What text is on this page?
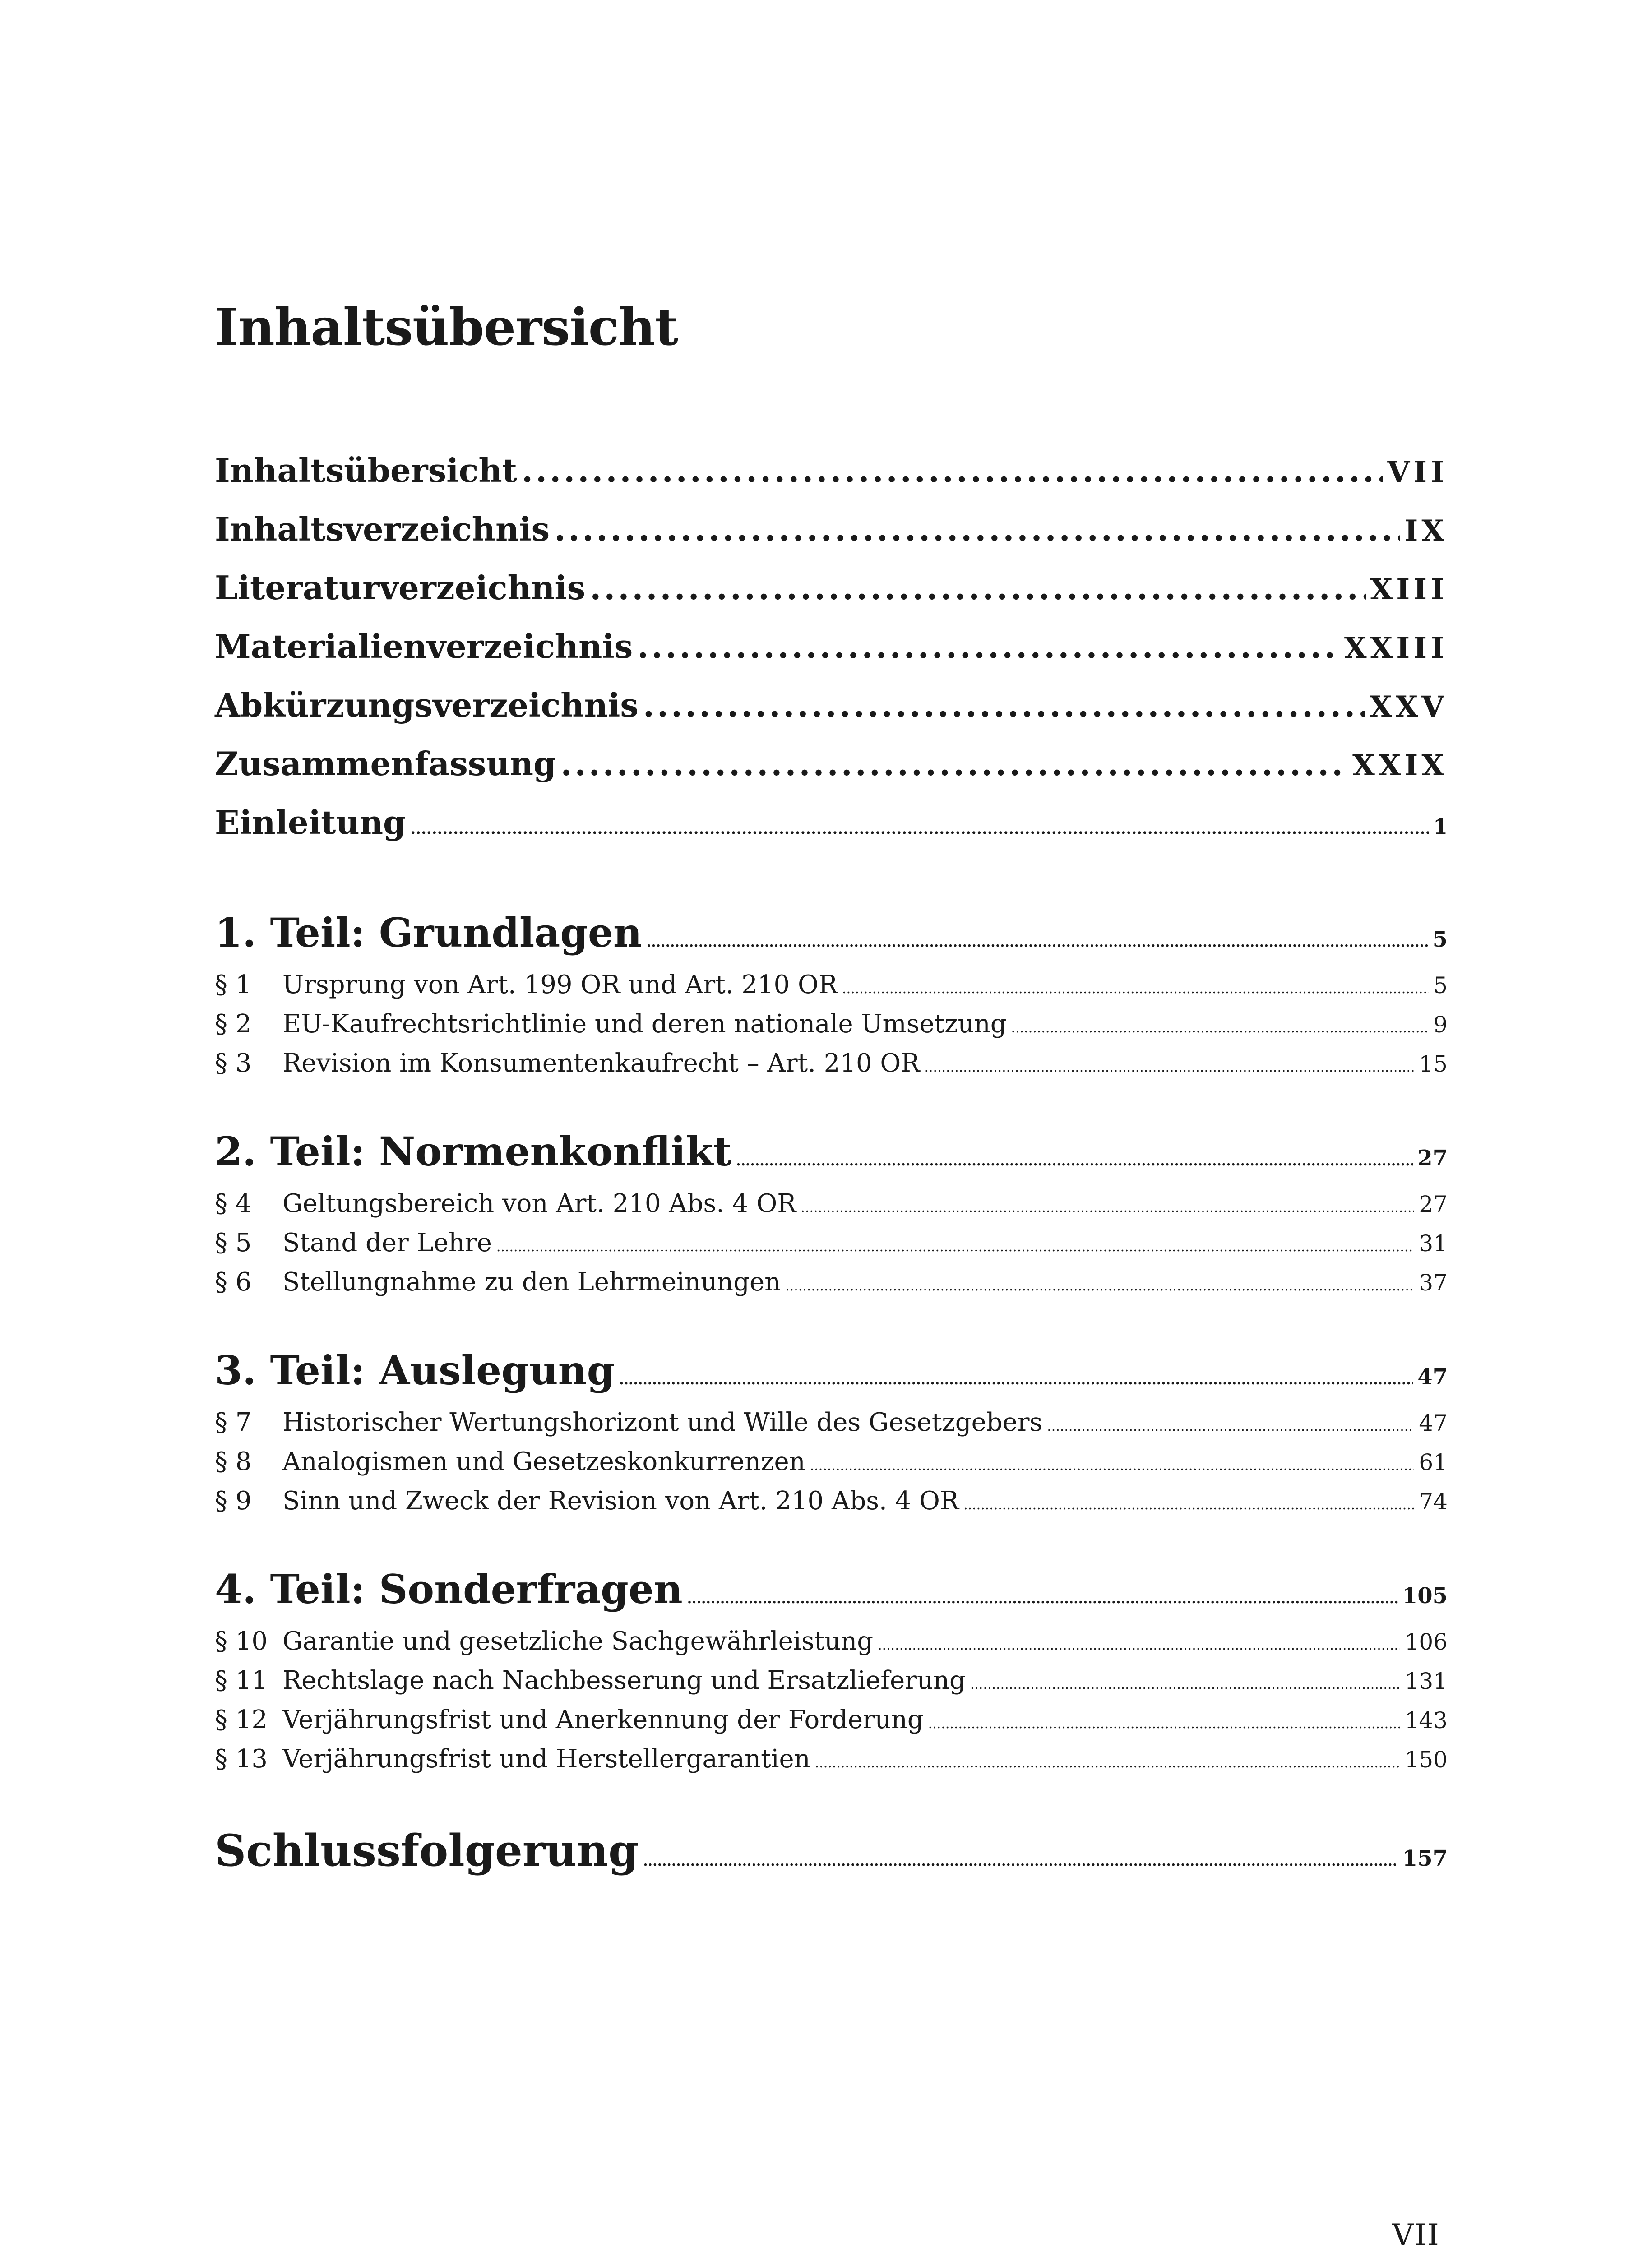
Inhaltsübersicht
Inhaltsübersicht .....	VII
Inhaltsverzeichnis .....	IX
Literaturverzeichnis .....	XIII
Materialienverzeichnis .....	XXIII
Abkürzungsverzeichnis .....	XXV
Zusammenfassung .....	XXIX
Einleitung .....	1
1. Teil: Grundlagen .....	5
§ 1	Ursprung von Art. 199 OR und Art. 210 OR .....	5
§ 2	EU-Kaufrechtsrichtlinie und deren nationale Umsetzung .....	9
§ 3	Revision im Konsumentenkaufrecht – Art. 210 OR .....	15
2. Teil: Normenkonflikt .....	27
§ 4	Geltungsbereich von Art. 210 Abs. 4 OR .....	27
§ 5	Stand der Lehre .....	31
§ 6	Stellungnahme zu den Lehrmeinungen .....	37
3. Teil: Auslegung .....	47
§ 7	Historischer Wertungshorizont und Wille des Gesetzgebers .....	47
§ 8	Analogismen und Gesetzeskonkurrenzen .....	61
§ 9	Sinn und Zweck der Revision von Art. 210 Abs. 4 OR .....	74
4. Teil: Sonderfragen .....	105
§ 10 Garantie und gesetzliche Sachgewährleistung .....	106
§ 11 Rechtslage nach Nachbesserung und Ersatzlieferung .....	131
§ 12 Verjährungsfrist und Anerkennung der Forderung .....	143
§ 13 Verjährungsfrist und Herstellergarantien .....	150
Schlussfolgerung .....	157
VII
